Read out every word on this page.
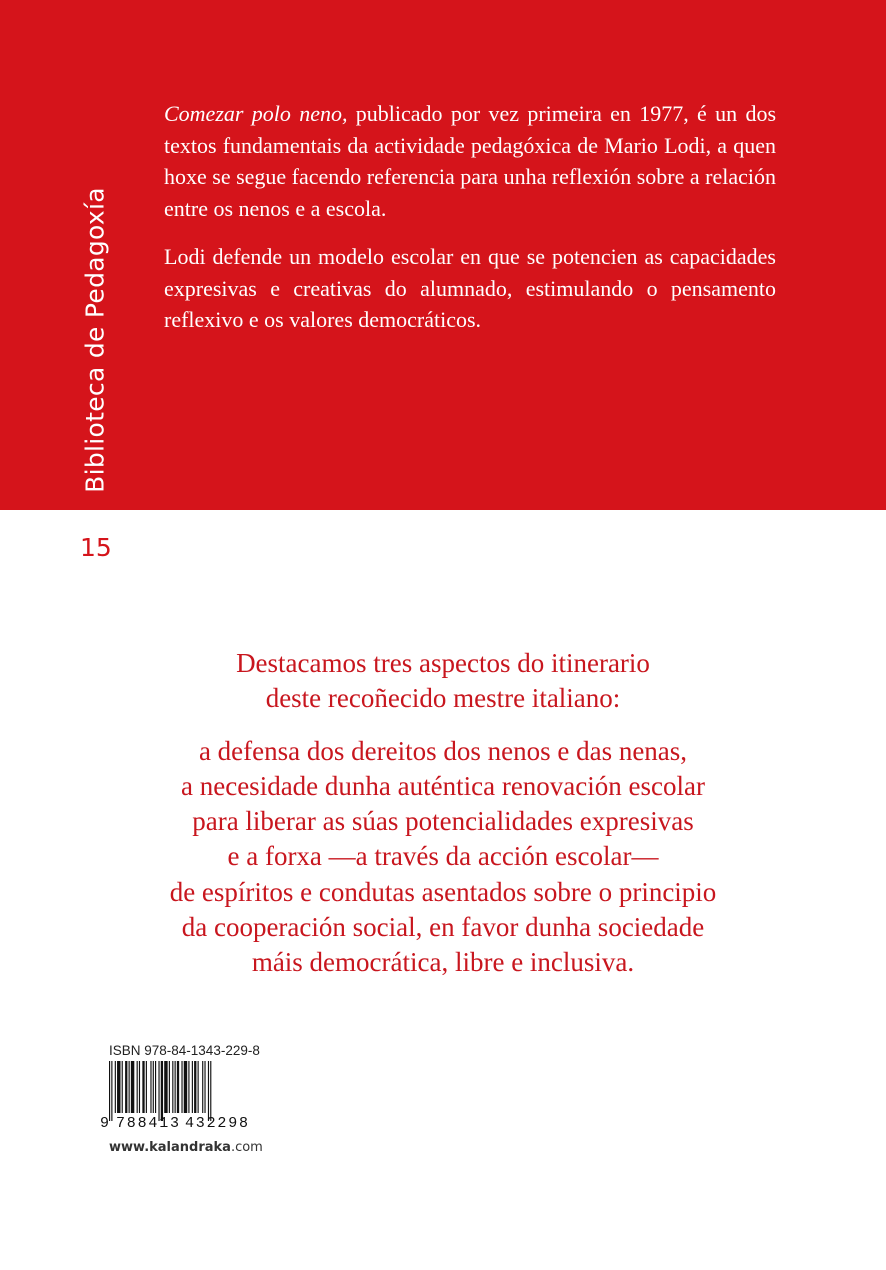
Biblioteca de Pedagoxía

Comezar polo neno, publicado por vez primeira en 1977, é un dos textos fundamentais da actividade pedagóxica de Mario Lodi, a quen hoxe se segue facendo referencia para unha reflexión sobre a relación entre os nenos e a escola.

Lodi defende un modelo escolar en que se potencien as capacidades expresivas e creativas do alumnado, estimulando o pensamento reflexivo e os valores democráticos.

15
Destacamos tres aspectos do itinerario
deste recoñecido mestre italiano:
a defensa dos dereitos dos nenos e das nenas,
a necesidade dunha auténtica renovación escolar
para liberar as súas potencialidades expresivas
e a forxa —a través da acción escolar—
de espíritos e condutas asentados sobre o principio
da cooperación social, en favor dunha sociedade
máis democrática, libre e inclusiva.
ISBN 978-84-1343-229-8
9 788413 432298
www.kalandraka.com
